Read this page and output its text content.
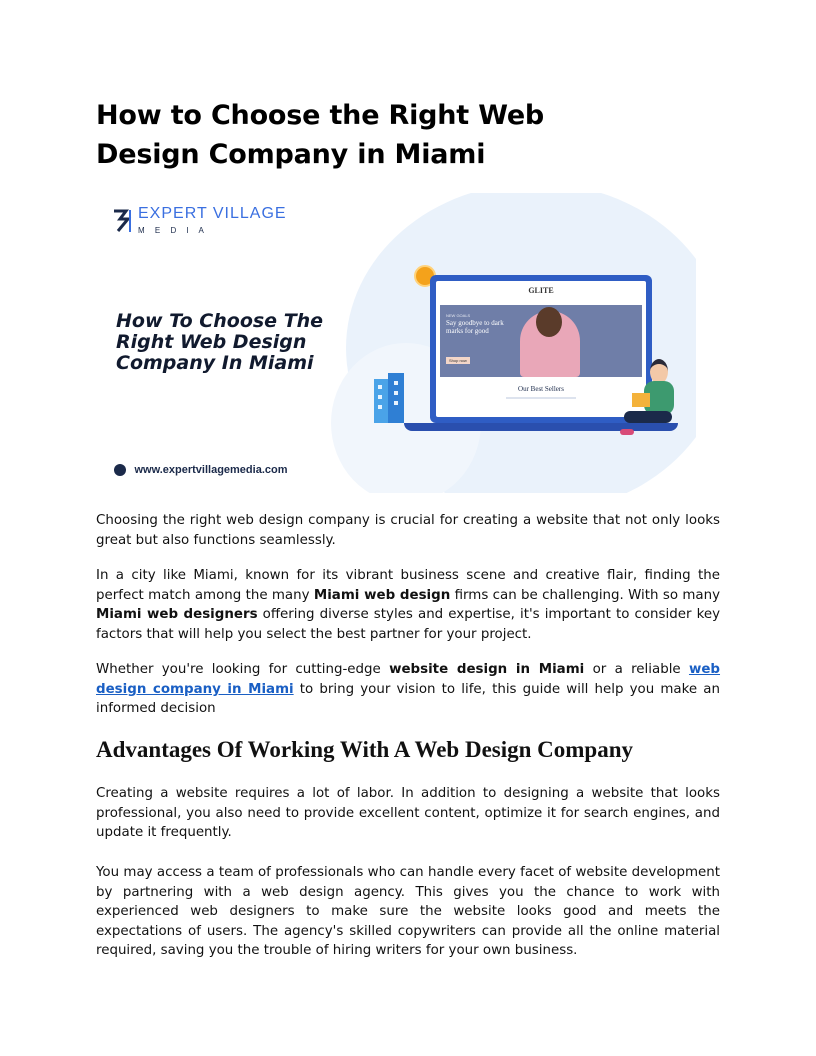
How to Choose the Right Web Design Company in Miami
EXPERT VILLAGE
M E D I A
How To Choose The Right Web Design Company In Miami
www.expertvillagemedia.com
GLITE
NEW GOALS
Say goodbye to dark marks for good
Shop now
Our Best Sellers

Choosing the right web design company is crucial for creating a website that not only looks great but also functions seamlessly.

In a city like Miami, known for its vibrant business scene and creative flair, finding the perfect match among the many Miami web design firms can be challenging. With so many Miami web designers offering diverse styles and expertise, it's important to consider key factors that will help you select the best partner for your project.

Whether you're looking for cutting-edge website design in Miami or a reliable web design company in Miami to bring your vision to life, this guide will help you make an informed decision

Advantages Of Working With A Web Design Company

Creating a website requires a lot of labor. In addition to designing a website that looks professional, you also need to provide excellent content, optimize it for search engines, and update it frequently.

You may access a team of professionals who can handle every facet of website development by partnering with a web design agency. This gives you the chance to work with experienced web designers to make sure the website looks good and meets the expectations of users. The agency's skilled copywriters can provide all the online material required, saving you the trouble of hiring writers for your own business.
